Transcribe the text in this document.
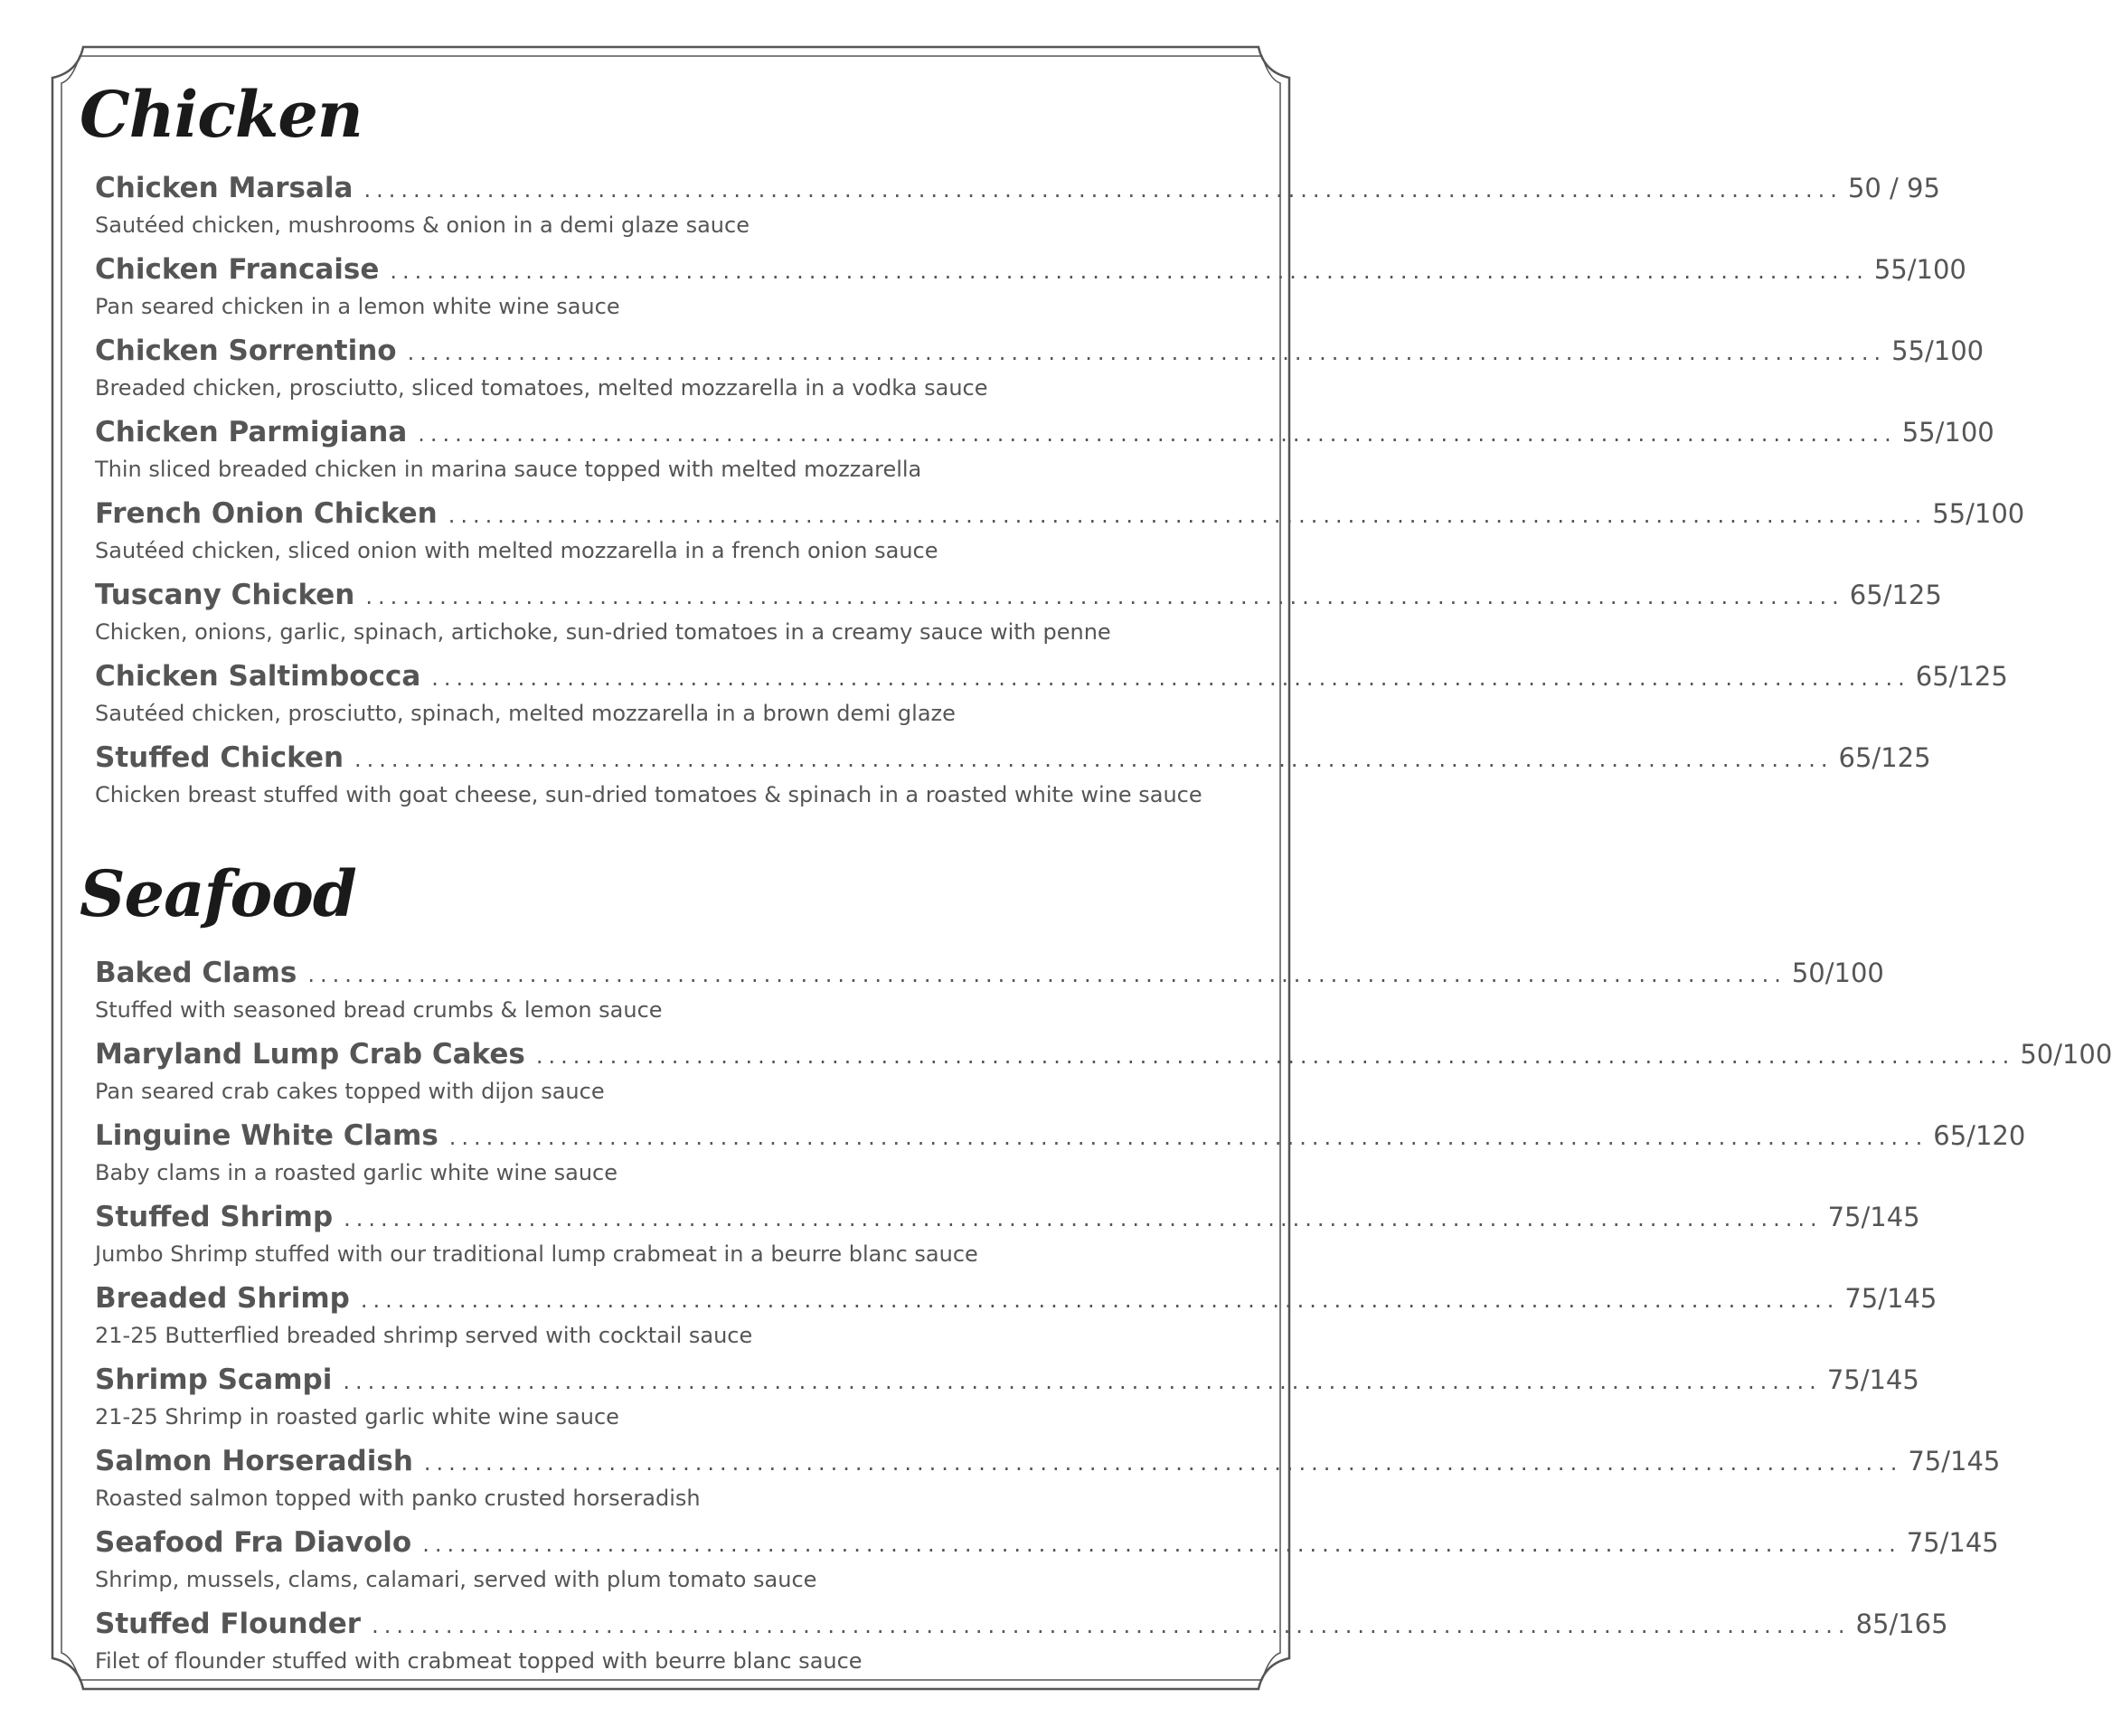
Chicken
Chicken Marsala ........................................................................................................................ 50 / 95
Sautéed chicken, mushrooms & onion in a demi glaze sauce
Chicken Francaise ........................................................................................................................ 55/100
Pan seared chicken in a lemon white wine sauce
Chicken Sorrentino ........................................................................................................................ 55/100
Breaded chicken, prosciutto, sliced tomatoes, melted mozzarella in a vodka sauce
Chicken Parmigiana ........................................................................................................................ 55/100
Thin sliced breaded chicken in marina sauce topped with melted mozzarella
French Onion Chicken ........................................................................................................................ 55/100
Sautéed chicken, sliced onion with melted mozzarella in a french onion sauce
Tuscany Chicken ........................................................................................................................ 65/125
Chicken, onions, garlic, spinach, artichoke, sun-dried tomatoes in a creamy sauce with penne
Chicken Saltimbocca ........................................................................................................................ 65/125
Sautéed chicken, prosciutto, spinach, melted mozzarella in a brown demi glaze
Stuffed Chicken ........................................................................................................................ 65/125
Chicken breast stuffed with goat cheese, sun-dried tomatoes & spinach in a roasted white wine sauce
Seafood
Baked Clams ........................................................................................................................ 50/100
Stuffed with seasoned bread crumbs & lemon sauce
Maryland Lump Crab Cakes ........................................................................................................................ 50/100
Pan seared crab cakes topped with dijon sauce
Linguine White Clams ........................................................................................................................ 65/120
Baby clams in a roasted garlic white wine sauce
Stuffed Shrimp ........................................................................................................................ 75/145
Jumbo Shrimp stuffed with our traditional lump crabmeat in a beurre blanc sauce
Breaded Shrimp ........................................................................................................................ 75/145
21-25 Butterflied breaded shrimp served with cocktail sauce
Shrimp Scampi ........................................................................................................................ 75/145
21-25 Shrimp in roasted garlic white wine sauce
Salmon Horseradish ........................................................................................................................ 75/145
Roasted salmon topped with panko crusted horseradish
Seafood Fra Diavolo ........................................................................................................................ 75/145
Shrimp, mussels, clams, calamari, served with plum tomato sauce
Stuffed Flounder ........................................................................................................................ 85/165
Filet of flounder stuffed with crabmeat topped with beurre blanc sauce
